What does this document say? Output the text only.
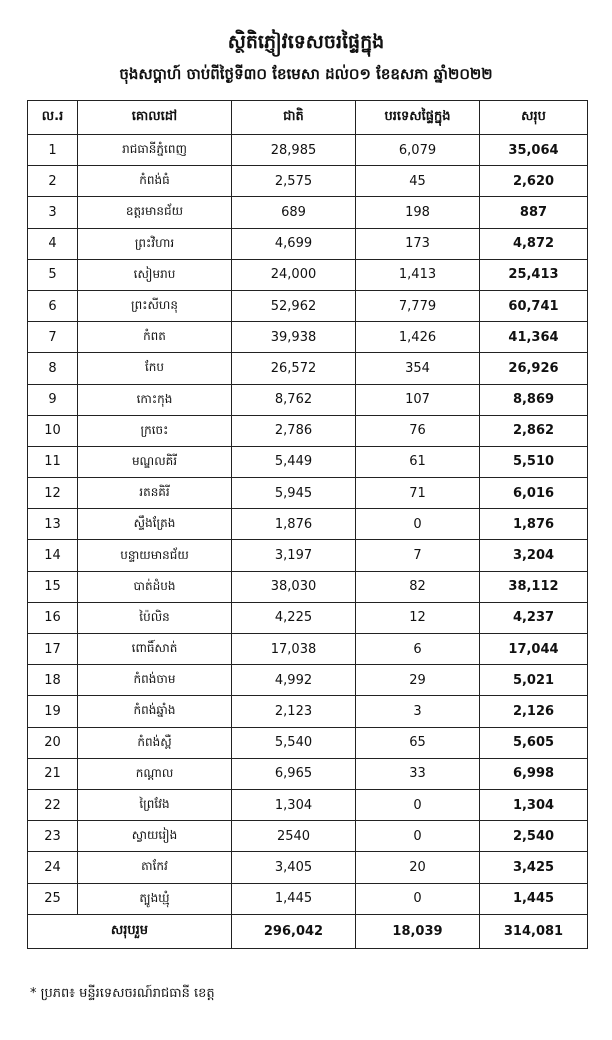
ស្ថិតិភ្ញៀវទេសចរផ្ទៃក្នុង
ចុងសប្តាហ៍ ចាប់ពីថ្ងៃទី៣០ ខែមេសា ដល់០១ ខែឧសភា ឆ្នាំ២០២២
ល.រ	គោលដៅ	ជាតិ	បរទេសផ្ទៃក្នុង	សរុប
1	រាជធានីភ្នំពេញ	28,985	6,079	35,064
2	កំពង់ធំ	2,575	45	2,620
3	ឧត្តរមានជ័យ	689	198	887
4	ព្រះវិហារ	4,699	173	4,872
5	សៀមរាប	24,000	1,413	25,413
6	ព្រះសីហនុ	52,962	7,779	60,741
7	កំពត	39,938	1,426	41,364
8	កែប	26,572	354	26,926
9	កោះកុង	8,762	107	8,869
10	ក្រចេះ	2,786	76	2,862
11	មណ្ឌលគិរី	5,449	61	5,510
12	រតនគិរី	5,945	71	6,016
13	ស្ទឹងត្រែង	1,876	0	1,876
14	បន្ទាយមានជ័យ	3,197	7	3,204
15	បាត់ដំបង	38,030	82	38,112
16	ប៉ៃលិន	4,225	12	4,237
17	ពោធិ៍សាត់	17,038	6	17,044
18	កំពង់ចាម	4,992	29	5,021
19	កំពង់ឆ្នាំង	2,123	3	2,126
20	កំពង់ស្ពឺ	5,540	65	5,605
21	កណ្តាល	6,965	33	6,998
22	ព្រៃវែង	1,304	0	1,304
23	ស្វាយរៀង	2540	0	2,540
24	តាកែវ	3,405	20	3,425
25	ត្បូងឃ្មុំ	1,445	0	1,445
សរុបរួម		296,042	18,039	314,081
* ប្រភព៖ មន្ទីរទេសចរណ៍រាជធានី ខេត្ត
